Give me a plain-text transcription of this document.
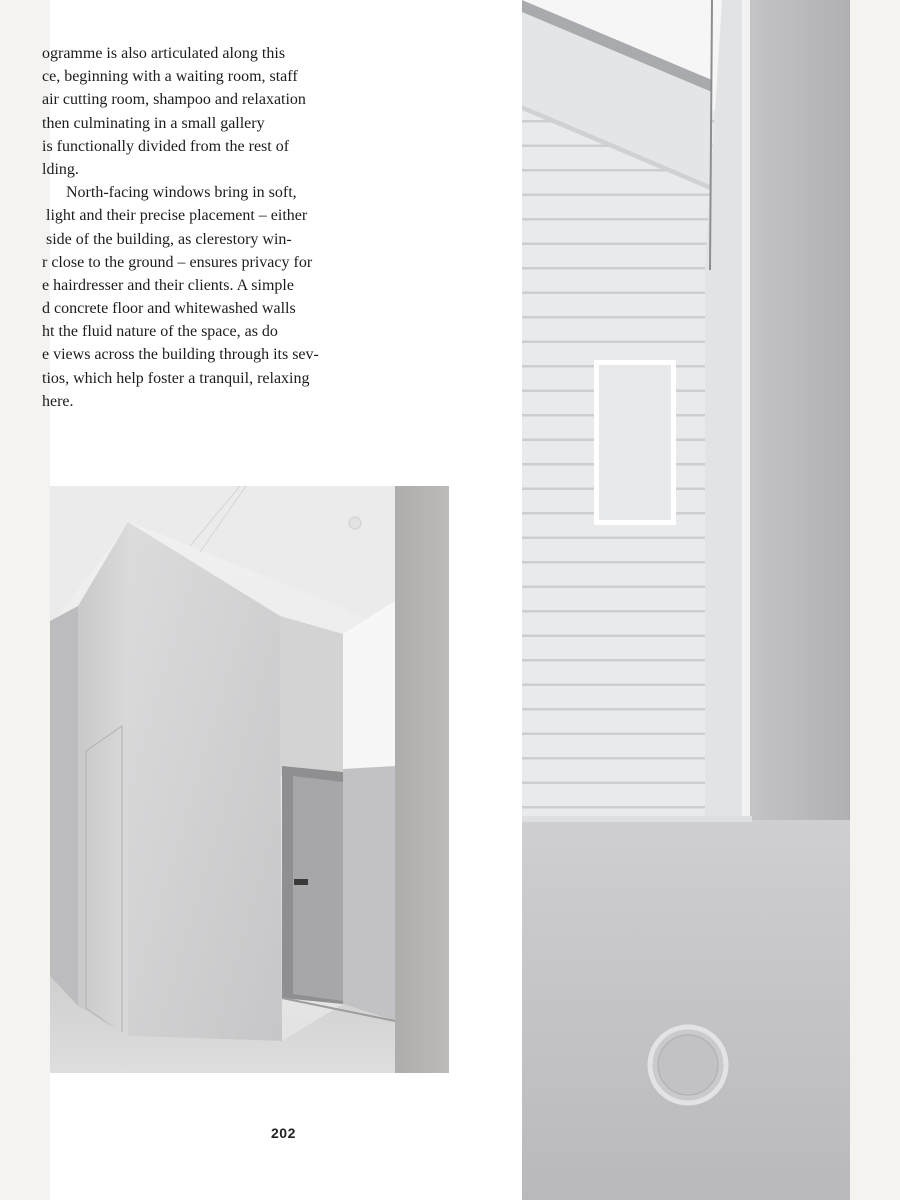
ogramme is also articulated along this
ce, beginning with a waiting room, staff
air cutting room, shampoo and relaxation
then culminating in a small gallery
is functionally divided from the rest of
lding.
North-facing windows bring in soft,
light and their precise placement – either
side of the building, as clerestory win-
r close to the ground – ensures privacy for
e hairdresser and their clients. A simple
d concrete floor and whitewashed walls
ht the fluid nature of the space, as do
e views across the building through its sev-
tios, which help foster a tranquil, relaxing
here.
202
